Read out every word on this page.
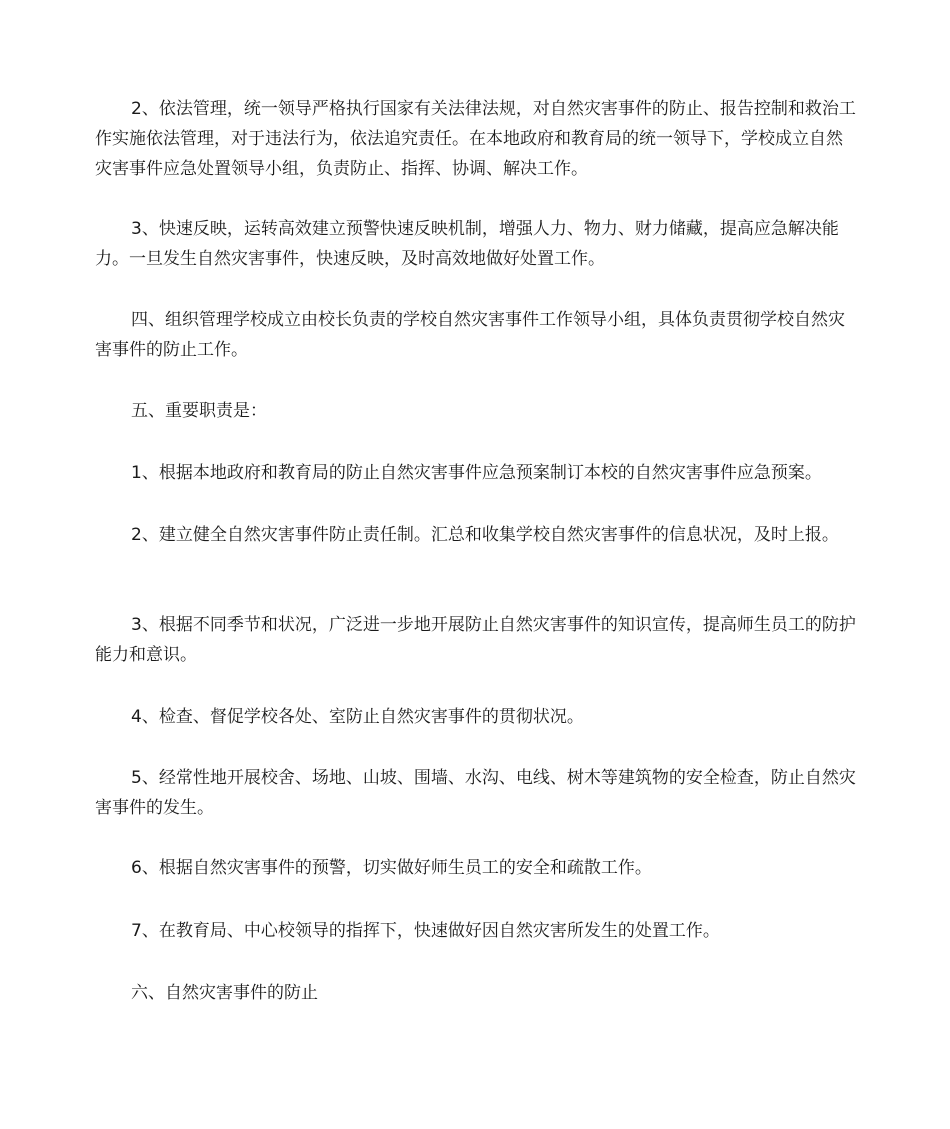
2、依法管理，统一领导严格执行国家有关法律法规，对自然灾害事件的防止、报告控制和救治工作实施依法管理，对于违法行为，依法追究责任。在本地政府和教育局的统一领导下，学校成立自然灾害事件应急处置领导小组，负责防止、指挥、协调、解决工作。

3、快速反映，运转高效建立预警快速反映机制，增强人力、物力、财力储藏，提高应急解决能力。一旦发生自然灾害事件，快速反映，及时高效地做好处置工作。

四、组织管理学校成立由校长负责的学校自然灾害事件工作领导小组，具体负责贯彻学校自然灾害事件的防止工作。

五、重要职责是：

1、根据本地政府和教育局的防止自然灾害事件应急预案制订本校的自然灾害事件应急预案。

2、建立健全自然灾害事件防止责任制。汇总和收集学校自然灾害事件的信息状况，及时上报。

3、根据不同季节和状况，广泛进一步地开展防止自然灾害事件的知识宣传，提高师生员工的防护能力和意识。

4、检查、督促学校各处、室防止自然灾害事件的贯彻状况。

5、经常性地开展校舍、场地、山坡、围墙、水沟、电线、树木等建筑物的安全检查，防止自然灾害事件的发生。

6、根据自然灾害事件的预警，切实做好师生员工的安全和疏散工作。

7、在教育局、中心校领导的指挥下，快速做好因自然灾害所发生的处置工作。

六、自然灾害事件的防止
